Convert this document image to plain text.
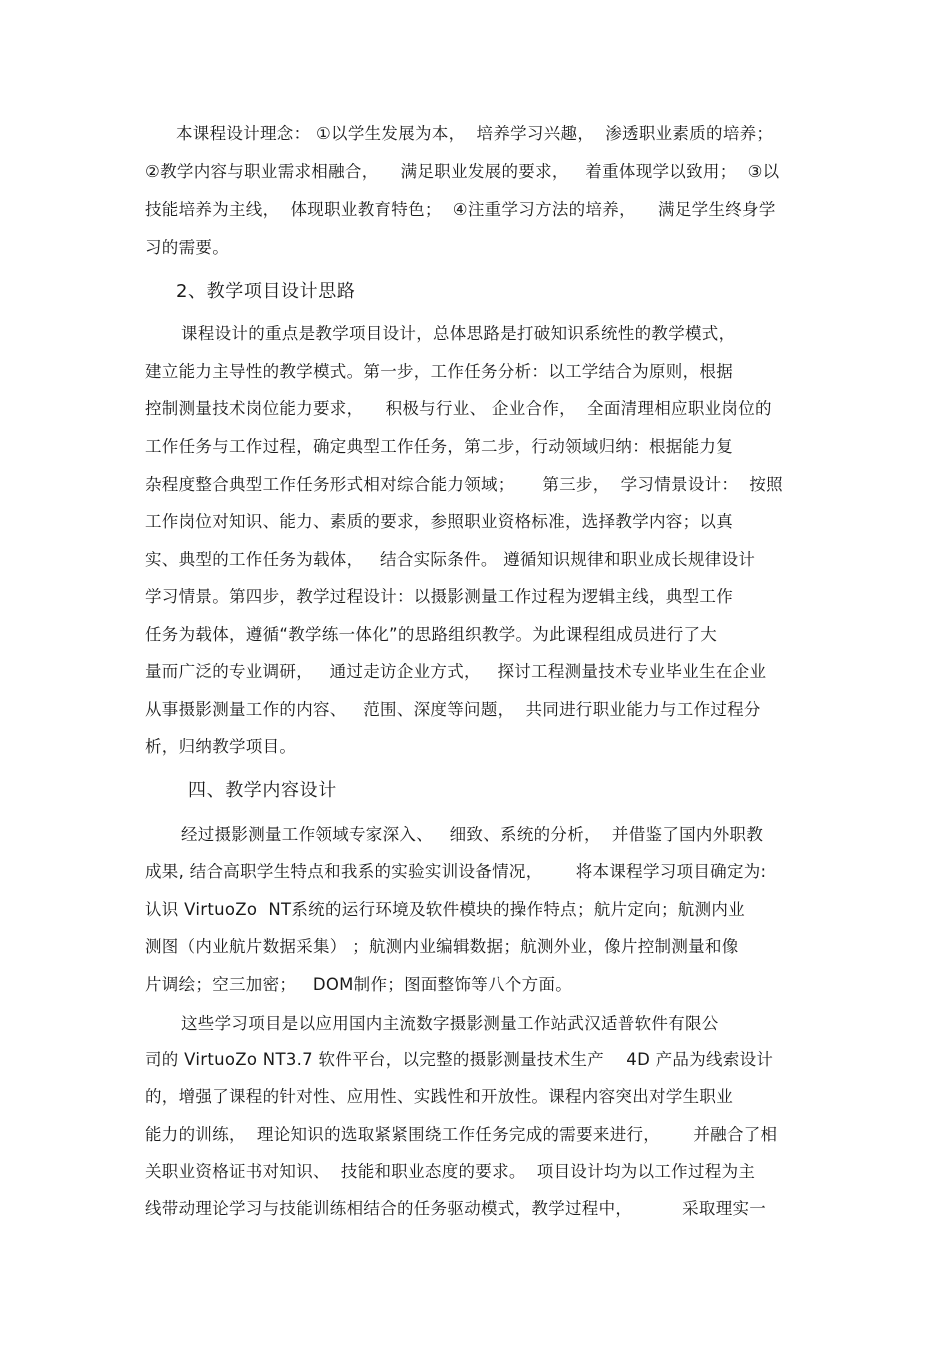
本课程设计理念： ①以学生发展为本，  培养学习兴趣，  渗透职业素质的培养；
②教学内容与职业需求相融合，    满足职业发展的要求，   着重体现学以致用；  ③以
技能培养为主线，  体现职业教育特色；  ④注重学习方法的培养，    满足学生终身学
习的需要。
2、教学项目设计思路
课程设计的重点是教学项目设计，总体思路是打破知识系统性的教学模式，
建立能力主导性的教学模式。第一步，工作任务分析：以工学结合为原则，根据
控制测量技术岗位能力要求，    积极与行业、 企业合作，  全面清理相应职业岗位的
工作任务与工作过程，确定典型工作任务，第二步，行动领域归纳：根据能力复
杂程度整合典型工作任务形式相对综合能力领域；     第三步，  学习情景设计：  按照
工作岗位对知识、能力、素质的要求，参照职业资格标准，选择教学内容；以真
实、典型的工作任务为载体，   结合实际条件。 遵循知识规律和职业成长规律设计
学习情景。第四步，教学过程设计：以摄影测量工作过程为逻辑主线，典型工作
任务为载体，遵循“教学练一体化”的思路组织教学。为此课程组成员进行了大
量而广泛的专业调研，   通过走访企业方式，   探讨工程测量技术专业毕业生在企业
从事摄影测量工作的内容、   范围、深度等问题，  共同进行职业能力与工作过程分
析，归纳教学项目。
四、教学内容设计
经过摄影测量工作领域专家深入、   细致、系统的分析，  并借鉴了国内外职教
成果, 结合高职学生特点和我系的实验实训设备情况，      将本课程学习项目确定为:
认识 VirtuoZo  NT系统的运行环境及软件模块的操作特点；航片定向；航测内业
测图（内业航片数据采集） ；航测内业编辑数据；航测外业，像片控制测量和像
片调绘；空三加密；   DOM制作；图面整饰等八个方面。
这些学习项目是以应用国内主流数字摄影测量工作站武汉适普软件有限公
司的 VirtuoZo NT3.7 软件平台，以完整的摄影测量技术生产    4D 产品为线索设计
的，增强了课程的针对性、应用性、实践性和开放性。课程内容突出对学生职业
能力的训练，  理论知识的选取紧紧围绕工作任务完成的需要来进行，      并融合了相
关职业资格证书对知识、  技能和职业态度的要求。  项目设计均为以工作过程为主
线带动理论学习与技能训练相结合的任务驱动模式，教学过程中，         采取理实一
